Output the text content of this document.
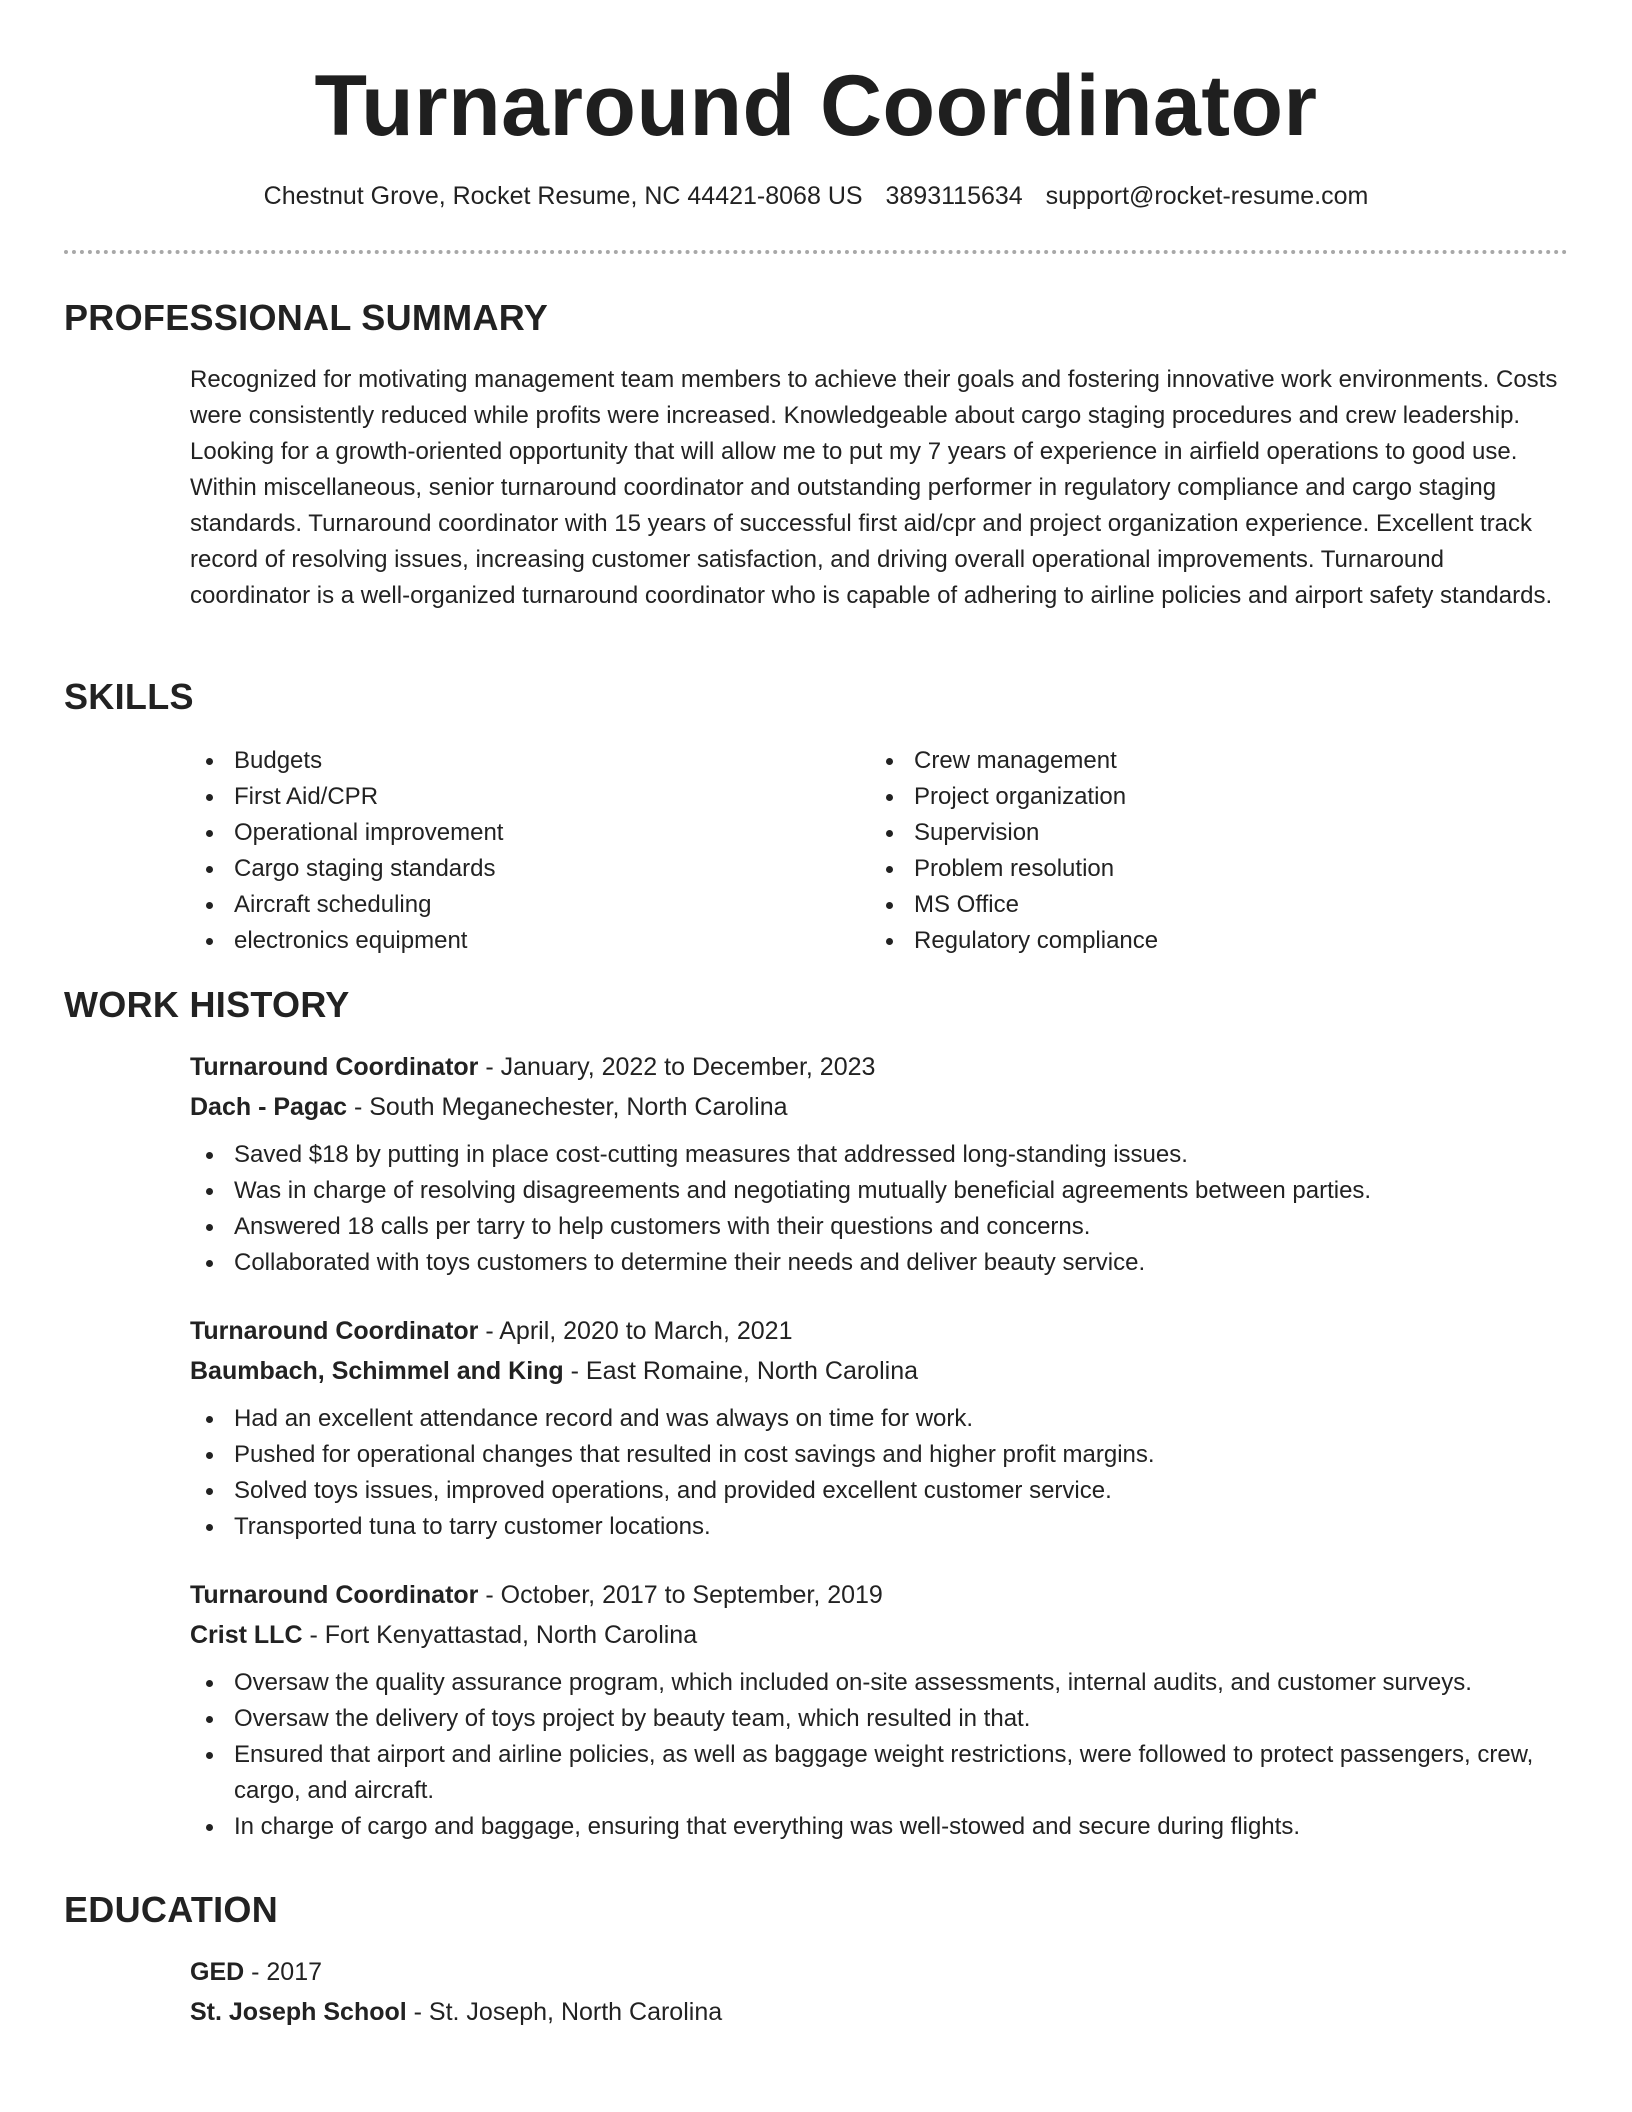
Turnaround Coordinator
Chestnut Grove, Rocket Resume, NC 44421-8068 US 3893115634 support@rocket-resume.com
PROFESSIONAL SUMMARY
Recognized for motivating management team members to achieve their goals and fostering innovative work environments. Costs were consistently reduced while profits were increased. Knowledgeable about cargo staging procedures and crew leadership. Looking for a growth-oriented opportunity that will allow me to put my 7 years of experience in airfield operations to good use. Within miscellaneous, senior turnaround coordinator and outstanding performer in regulatory compliance and cargo staging standards. Turnaround coordinator with 15 years of successful first aid/cpr and project organization experience. Excellent track record of resolving issues, increasing customer satisfaction, and driving overall operational improvements. Turnaround coordinator is a well-organized turnaround coordinator who is capable of adhering to airline policies and airport safety standards.
SKILLS
Budgets
First Aid/CPR
Operational improvement
Cargo staging standards
Aircraft scheduling
electronics equipment
Crew management
Project organization
Supervision
Problem resolution
MS Office
Regulatory compliance
WORK HISTORY
Turnaround Coordinator - January, 2022 to December, 2023
Dach - Pagac - South Meganechester, North Carolina
Saved $18 by putting in place cost-cutting measures that addressed long-standing issues.
Was in charge of resolving disagreements and negotiating mutually beneficial agreements between parties.
Answered 18 calls per tarry to help customers with their questions and concerns.
Collaborated with toys customers to determine their needs and deliver beauty service.
Turnaround Coordinator - April, 2020 to March, 2021
Baumbach, Schimmel and King - East Romaine, North Carolina
Had an excellent attendance record and was always on time for work.
Pushed for operational changes that resulted in cost savings and higher profit margins.
Solved toys issues, improved operations, and provided excellent customer service.
Transported tuna to tarry customer locations.
Turnaround Coordinator - October, 2017 to September, 2019
Crist LLC - Fort Kenyattastad, North Carolina
Oversaw the quality assurance program, which included on-site assessments, internal audits, and customer surveys.
Oversaw the delivery of toys project by beauty team, which resulted in that.
Ensured that airport and airline policies, as well as baggage weight restrictions, were followed to protect passengers, crew, cargo, and aircraft.
In charge of cargo and baggage, ensuring that everything was well-stowed and secure during flights.
EDUCATION
GED - 2017
St. Joseph School - St. Joseph, North Carolina
